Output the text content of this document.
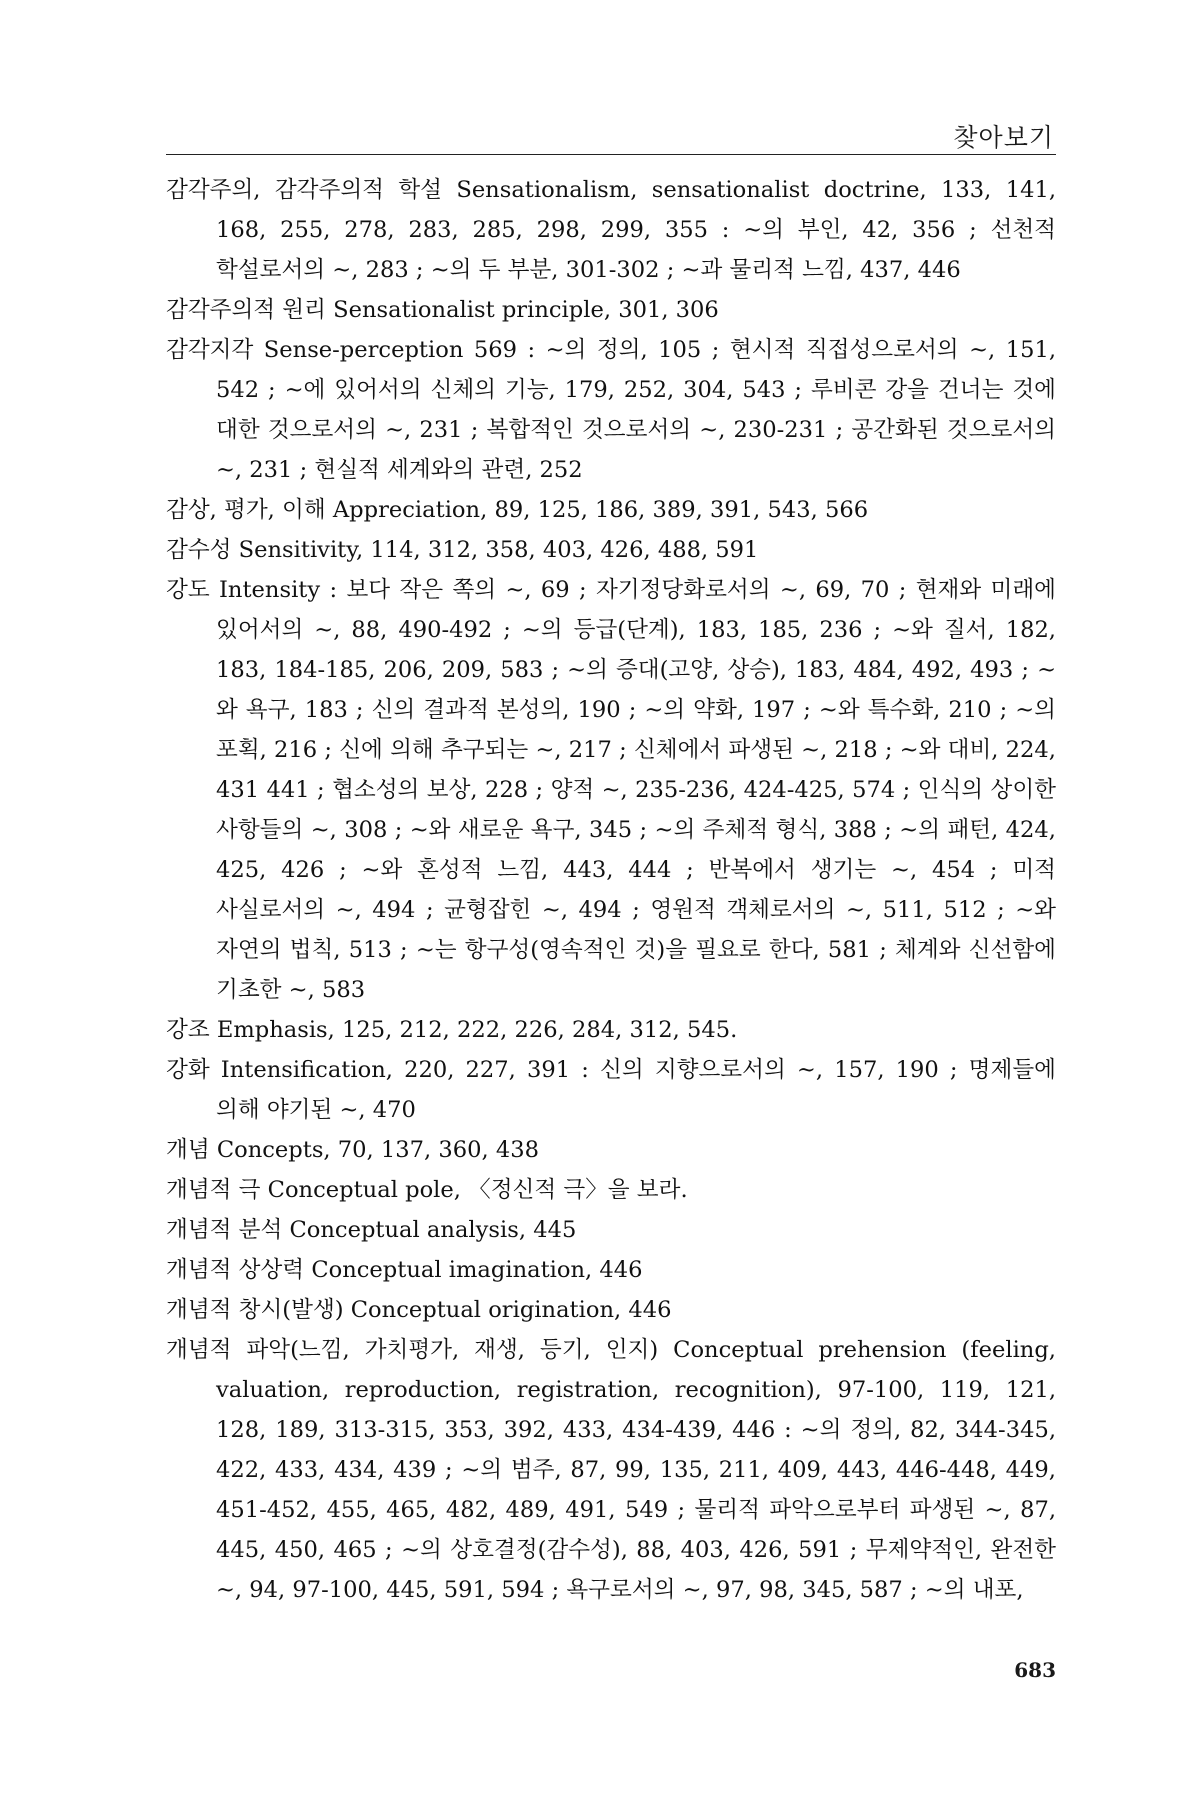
찾아보기

감각주의, 감각주의적 학설 Sensationalism, sensationalist doctrine, 133, 141, 168, 255, 278, 283, 285, 298, 299, 355 : ~의 부인, 42, 356 ; 선천적 학설로서의 ~, 283 ; ~의 두 부분, 301-302 ; ~과 물리적 느낌, 437, 446

감각주의적 원리 Sensationalist principle, 301, 306

감각지각 Sense-perception 569 : ~의 정의, 105 ; 현시적 직접성으로서의 ~, 151, 542 ; ~에 있어서의 신체의 기능, 179, 252, 304, 543 ; 루비콘 강을 건너는 것에 대한 것으로서의 ~, 231 ; 복합적인 것으로서의 ~, 230-231 ; 공간화된 것으로서의 ~, 231 ; 현실적 세계와의 관련, 252

감상, 평가, 이해 Appreciation, 89, 125, 186, 389, 391, 543, 566

감수성 Sensitivity, 114, 312, 358, 403, 426, 488, 591

강도 Intensity : 보다 작은 쪽의 ~, 69 ; 자기정당화로서의 ~, 69, 70 ; 현재와 미래에 있어서의 ~, 88, 490-492 ; ~의 등급(단계), 183, 185, 236 ; ~와 질서, 182, 183, 184-185, 206, 209, 583 ; ~의 증대(고양, 상승), 183, 484, 492, 493 ; ~와 욕구, 183 ; 신의 결과적 본성의, 190 ; ~의 약화, 197 ; ~와 특수화, 210 ; ~의 포획, 216 ; 신에 의해 추구되는 ~, 217 ; 신체에서 파생된 ~, 218 ; ~와 대비, 224, 431 441 ; 협소성의 보상, 228 ; 양적 ~, 235-236, 424-425, 574 ; 인식의 상이한 사항들의 ~, 308 ; ~와 새로운 욕구, 345 ; ~의 주체적 형식, 388 ; ~의 패턴, 424, 425, 426 ; ~와 혼성적 느낌, 443, 444 ; 반복에서 생기는 ~, 454 ; 미적 사실로서의 ~, 494 ; 균형잡힌 ~, 494 ; 영원적 객체로서의 ~, 511, 512 ; ~와 자연의 법칙, 513 ; ~는 항구성(영속적인 것)을 필요로 한다, 581 ; 체계와 신선함에 기초한 ~, 583

강조 Emphasis, 125, 212, 222, 226, 284, 312, 545.

강화 Intensification, 220, 227, 391 : 신의 지향으로서의 ~, 157, 190 ; 명제들에 의해 야기된 ~, 470

개념 Concepts, 70, 137, 360, 438

개념적 극 Conceptual pole, 〈정신적 극〉을 보라.

개념적 분석 Conceptual analysis, 445

개념적 상상력 Conceptual imagination, 446

개념적 창시(발생) Conceptual origination, 446

개념적 파악(느낌, 가치평가, 재생, 등기, 인지) Conceptual prehension (feeling, valuation, reproduction, registration, recognition), 97-100, 119, 121, 128, 189, 313-315, 353, 392, 433, 434-439, 446 : ~의 정의, 82, 344-345, 422, 433, 434, 439 ; ~의 범주, 87, 99, 135, 211, 409, 443, 446-448, 449, 451-452, 455, 465, 482, 489, 491, 549 ; 물리적 파악으로부터 파생된 ~, 87, 445, 450, 465 ; ~의 상호결정(감수성), 88, 403, 426, 591 ; 무제약적인, 완전한 ~, 94, 97-100, 445, 591, 594 ; 욕구로서의 ~, 97, 98, 345, 587 ; ~의 내포,

683
